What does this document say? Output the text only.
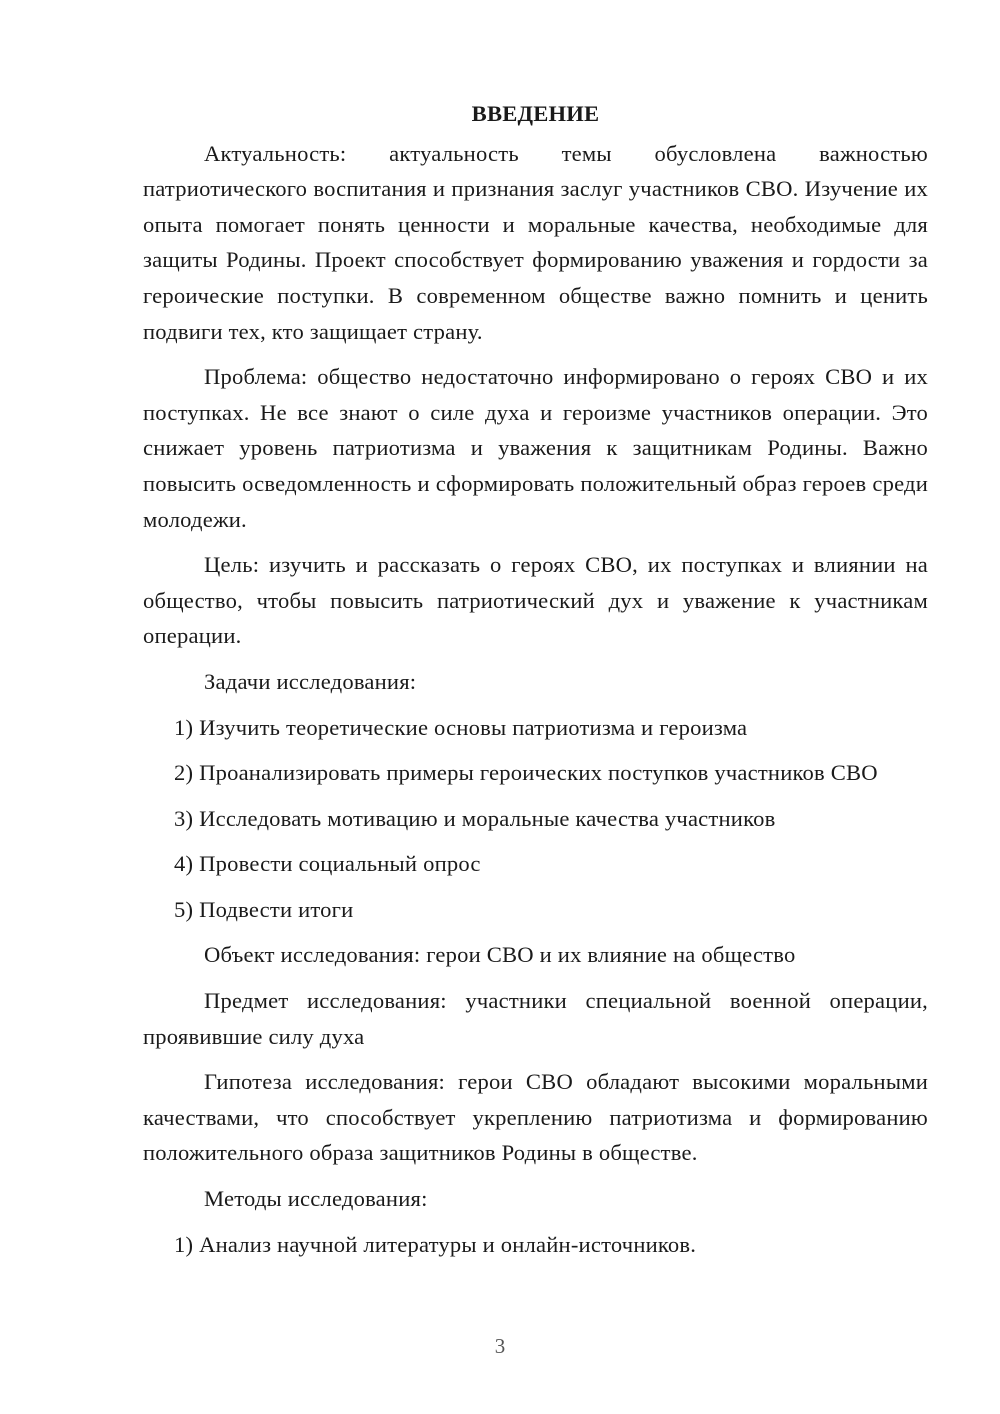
ВВЕДЕНИЕ
Актуальность: актуальность темы обусловлена важностью патриотического воспитания и признания заслуг участников СВО. Изучение их опыта помогает понять ценности и моральные качества, необходимые для защиты Родины. Проект способствует формированию уважения и гордости за героические поступки. В современном обществе важно помнить и ценить подвиги тех, кто защищает страну.
Проблема: общество недостаточно информировано о героях СВО и их поступках. Не все знают о силе духа и героизме участников операции. Это снижает уровень патриотизма и уважения к защитникам Родины. Важно повысить осведомленность и сформировать положительный образ героев среди молодежи.
Цель: изучить и рассказать о героях СВО, их поступках и влиянии на общество, чтобы повысить патриотический дух и уважение к участникам операции.
Задачи исследования:
1) Изучить теоретические основы патриотизма и героизма
2) Проанализировать примеры героических поступков участников СВО
3) Исследовать мотивацию и моральные качества участников
4) Провести социальный опрос
5) Подвести итоги
Объект исследования: герои СВО и их влияние на общество
Предмет исследования: участники специальной военной операции, проявившие силу духа
Гипотеза исследования: герои СВО обладают высокими моральными качествами, что способствует укреплению патриотизма и формированию положительного образа защитников Родины в обществе.
Методы исследования:
1) Анализ научной литературы и онлайн-источников.
3
